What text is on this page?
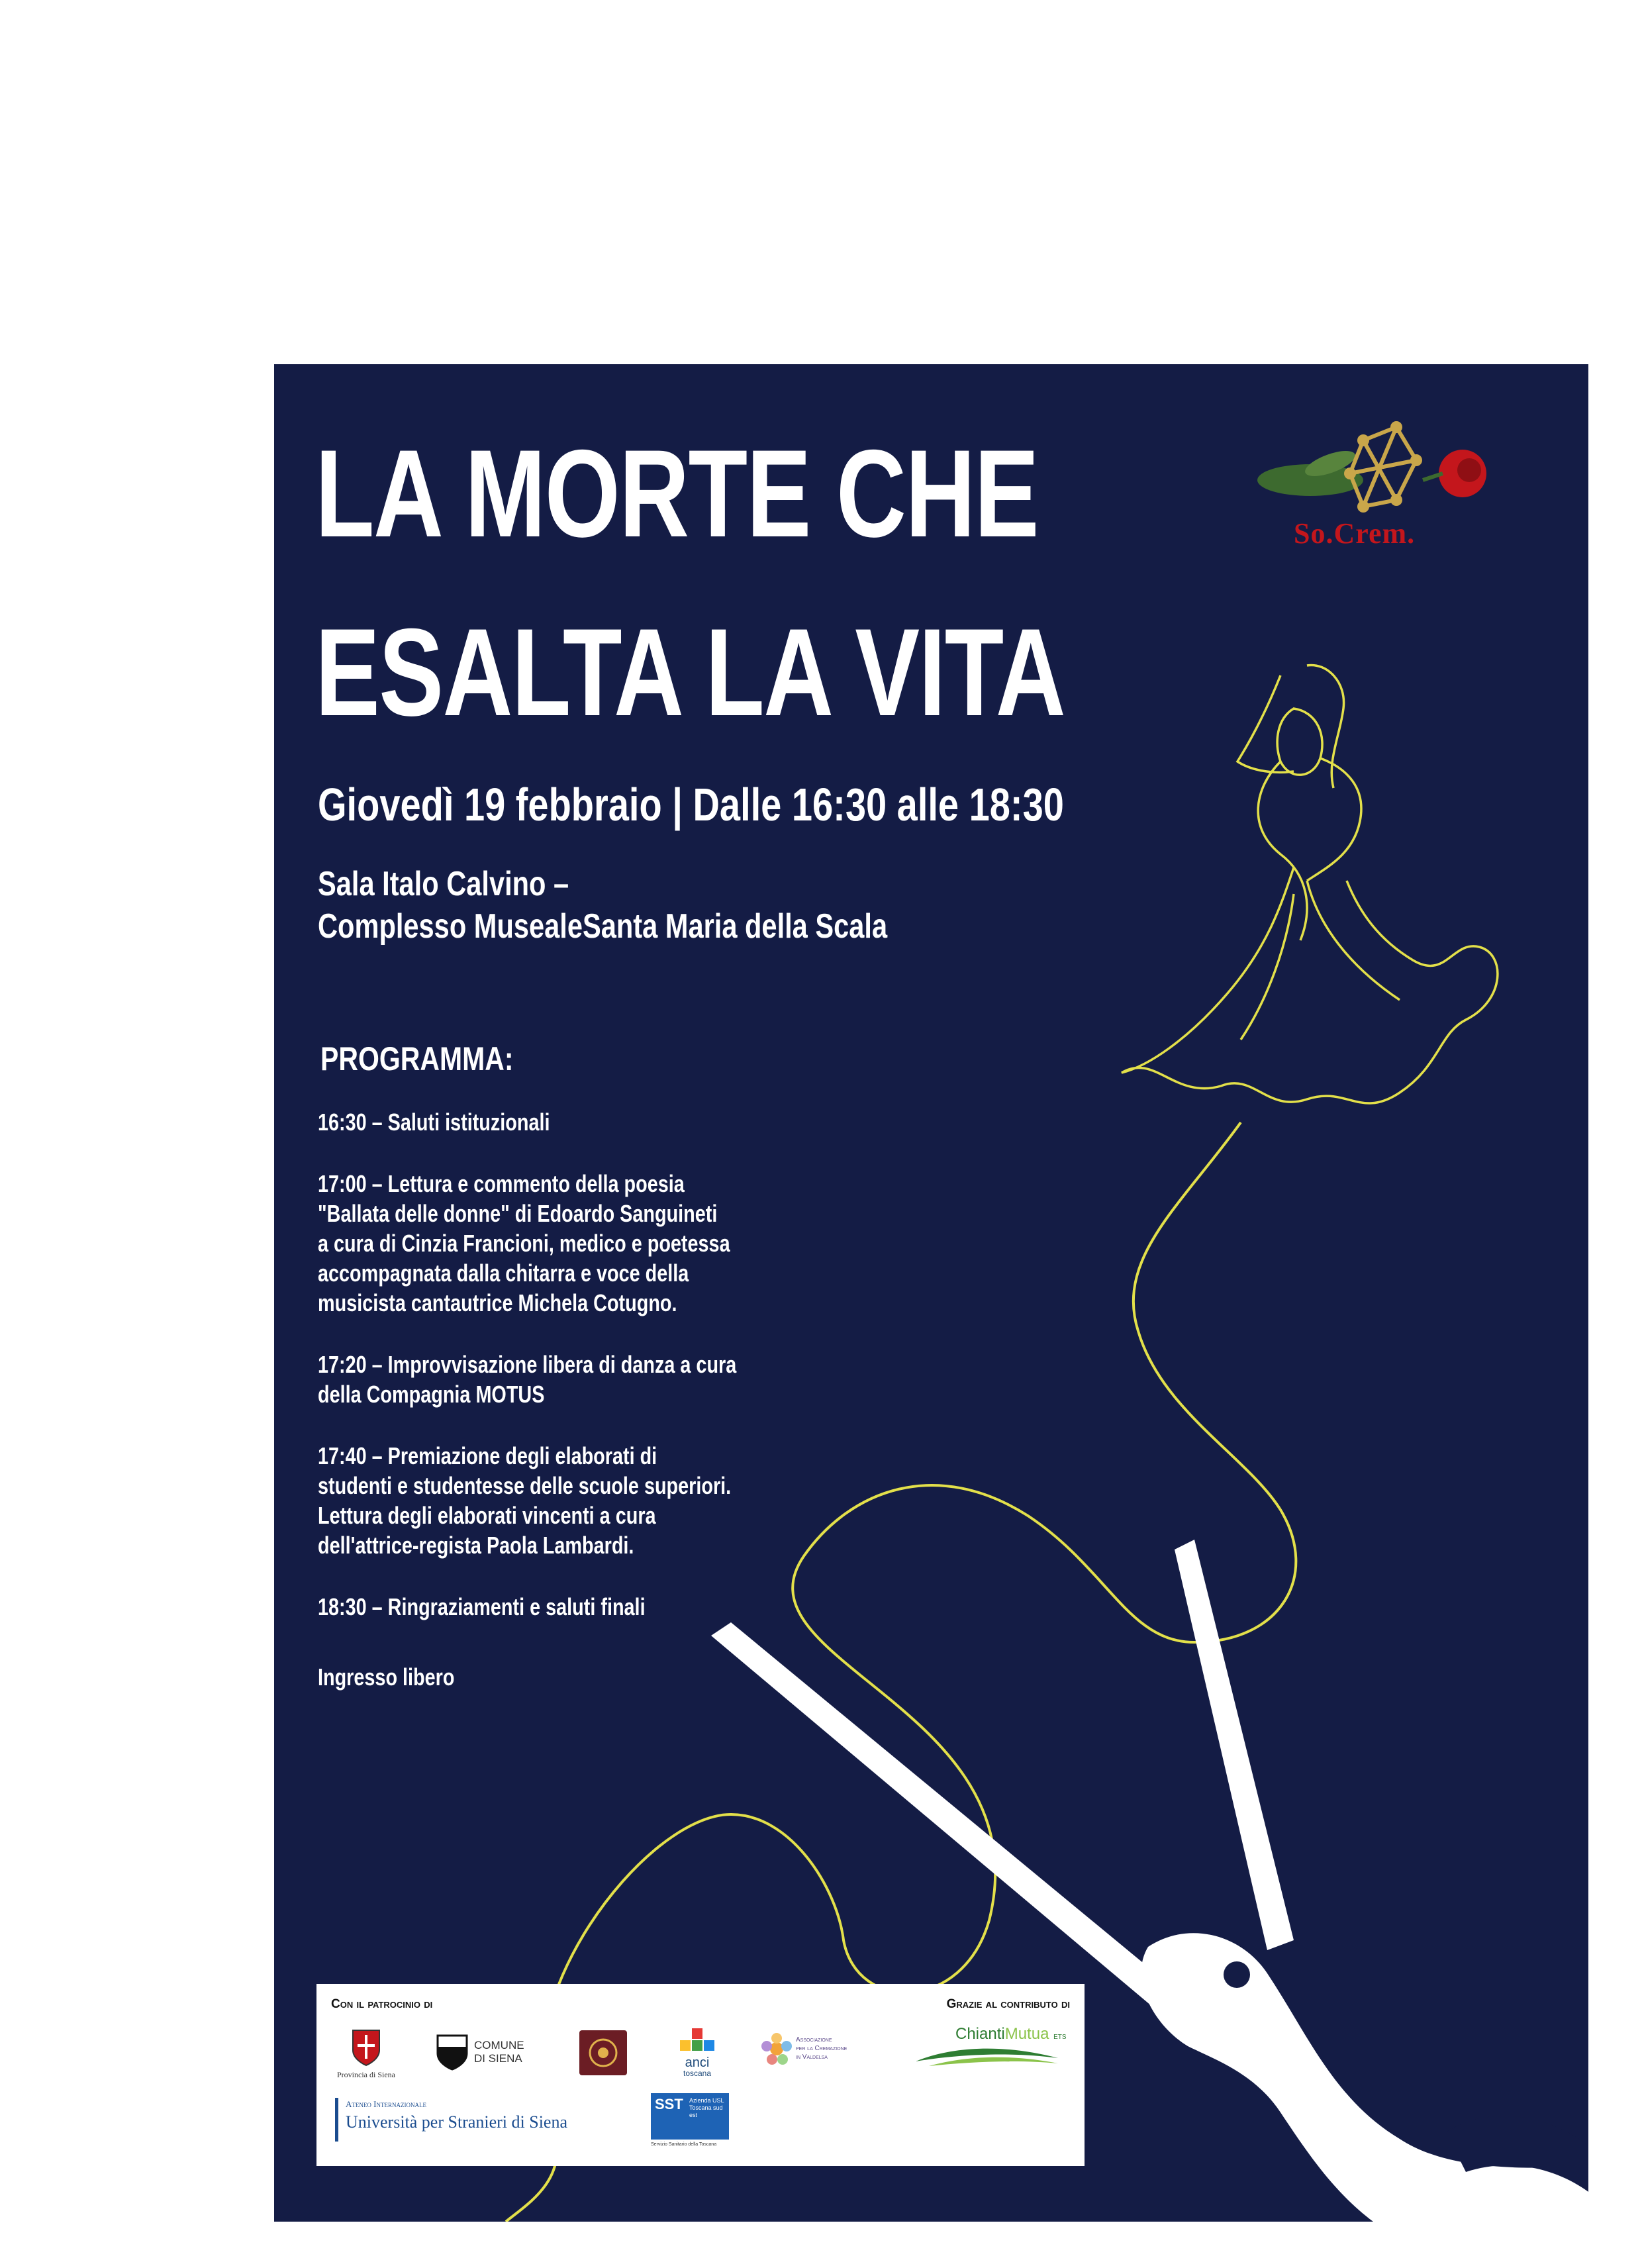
LA MORTE CHE
ESALTA LA VITA
So.Crem.
Giovedì 19 febbraio | Dalle 16:30 alle 18:30
Sala Italo Calvino –
Complesso MusealeSanta Maria della Scala
PROGRAMMA:
16:30 – Saluti istituzionali
17:00 – Lettura e commento della poesia
"Ballata delle donne" di Edoardo Sanguineti
a cura di Cinzia Francioni, medico e poetessa
accompagnata dalla chitarra e voce della
musicista cantautrice Michela Cotugno.
17:20 – Improvvisazione libera di danza a cura
della Compagnia MOTUS
17:40 – Premiazione degli elaborati di
studenti e studentesse delle scuole superiori.
Lettura degli elaborati vincenti a cura
dell'attrice-regista Paola Lambardi.
18:30 – Ringraziamenti e saluti finali
Ingresso libero
Con il patrocinio di	Grazie al contributo di
Provincia di Siena
COMUNE
DI SIENA	anci
toscana
Associazione
per la Cremazione
in Valdelsa
ChiantiMutua ETS
Ateneo Internazionale
Università per Stranieri di Siena
SST Azienda USL Toscana sud est
Servizio Sanitario della Toscana
